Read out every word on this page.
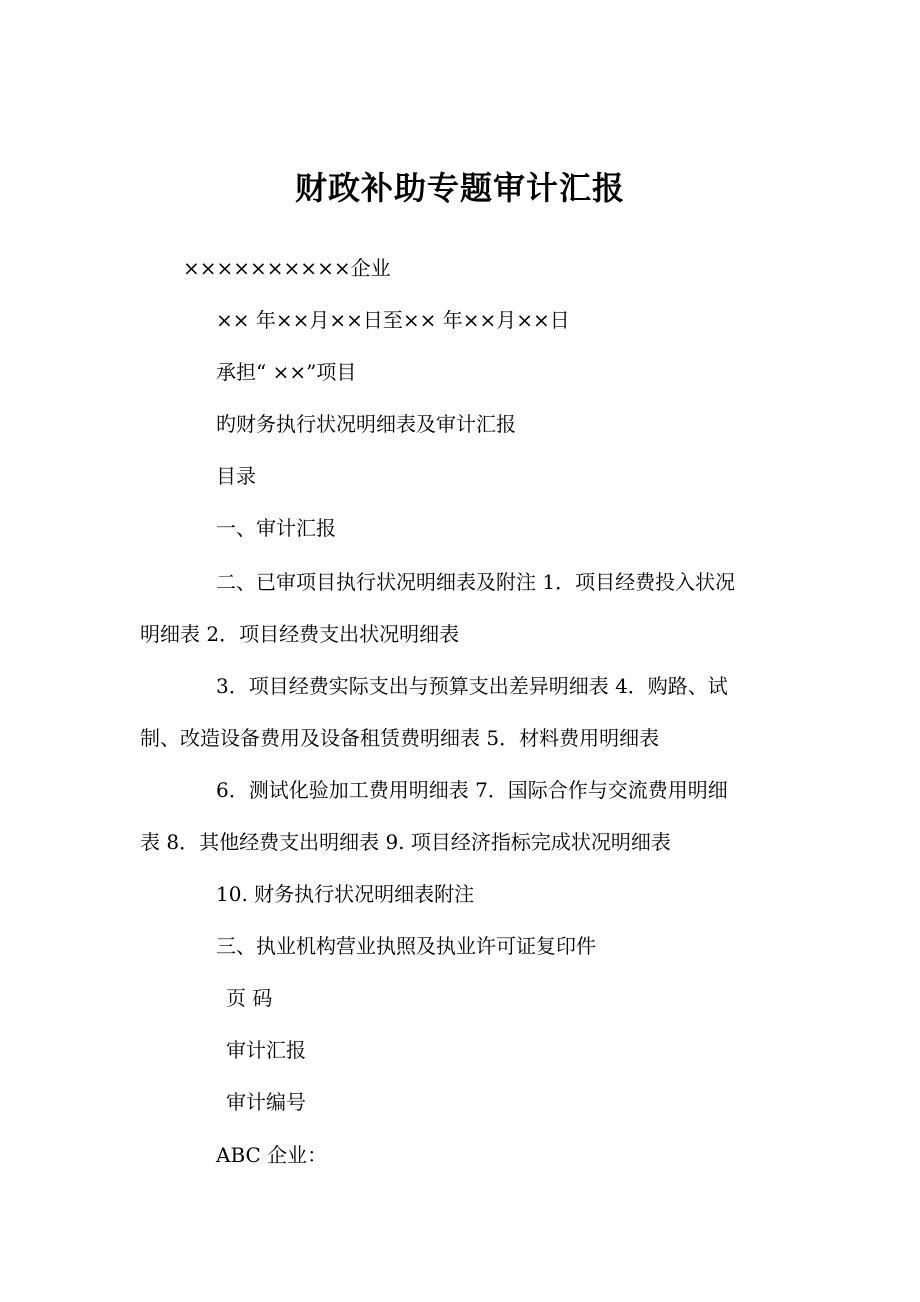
财政补助专题审计汇报
××××××××××企业
×× 年××月××日至×× 年××月××日
承担“ ××”项目
旳财务执行状况明细表及审计汇报
目录
一、审计汇报
二、已审项目执行状况明细表及附注 1．项目经费投入状况
明细表 2．项目经费支出状况明细表
3．项目经费实际支出与预算支出差异明细表 4．购路、试
制、改造设备费用及设备租赁费明细表 5．材料费用明细表
6．测试化验加工费用明细表 7．国际合作与交流费用明细
表 8．其他经费支出明细表 9. 项目经济指标完成状况明细表
10. 财务执行状况明细表附注
三、执业机构营业执照及执业许可证复印件
页 码
审计汇报
审计编号
ABC 企业：
